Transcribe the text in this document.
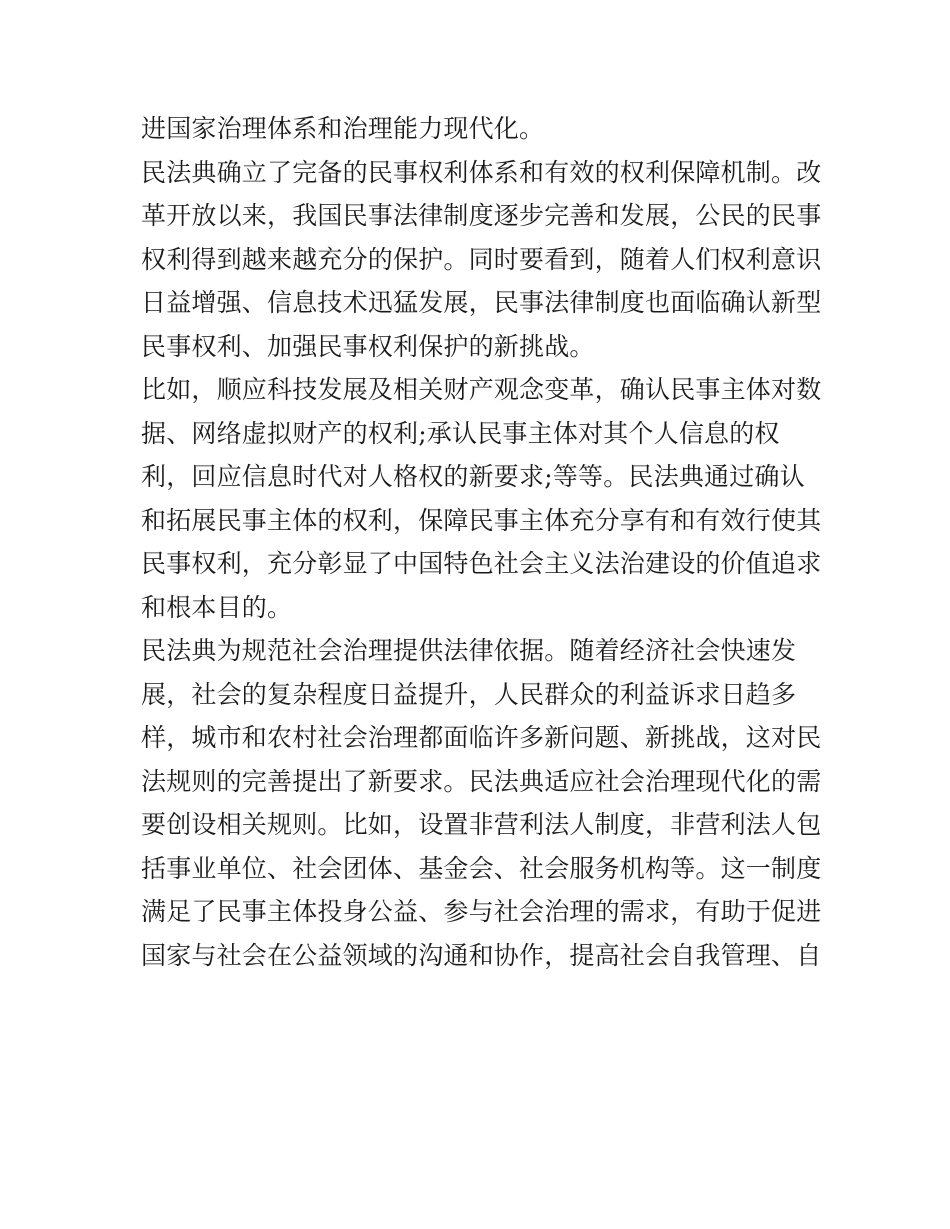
进国家治理体系和治理能力现代化。
民法典确立了完备的民事权利体系和有效的权利保障机制。改
革开放以来，我国民事法律制度逐步完善和发展，公民的民事
权利得到越来越充分的保护。同时要看到，随着人们权利意识
日益增强、信息技术迅猛发展，民事法律制度也面临确认新型
民事权利、加强民事权利保护的新挑战。
比如，顺应科技发展及相关财产观念变革，确认民事主体对数
据、网络虚拟财产的权利;承认民事主体对其个人信息的权
利，回应信息时代对人格权的新要求;等等。民法典通过确认
和拓展民事主体的权利，保障民事主体充分享有和有效行使其
民事权利，充分彰显了中国特色社会主义法治建设的价值追求
和根本目的。
民法典为规范社会治理提供法律依据。随着经济社会快速发
展，社会的复杂程度日益提升，人民群众的利益诉求日趋多
样，城市和农村社会治理都面临许多新问题、新挑战，这对民
法规则的完善提出了新要求。民法典适应社会治理现代化的需
要创设相关规则。比如，设置非营利法人制度，非营利法人包
括事业单位、社会团体、基金会、社会服务机构等。这一制度
满足了民事主体投身公益、参与社会治理的需求，有助于促进
国家与社会在公益领域的沟通和协作，提高社会自我管理、自
